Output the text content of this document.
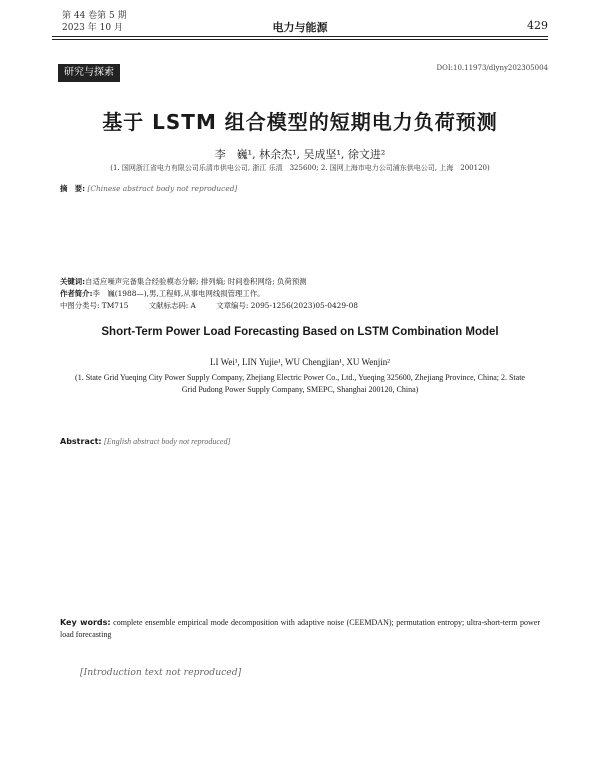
第 44 卷第 5 期
2023 年 10 月	电力与能源	429
研究与探索	DOI:10.11973/dlyny202305004
基于 LSTM 组合模型的短期电力负荷预测
李　巍¹, 林余杰¹, 吴成坚¹, 徐文进²
(1. 国网浙江省电力有限公司乐清市供电公司, 浙江 乐清　325600; 2. 国网上海市电力公司浦东供电公司, 上海　200120)
摘　要: [Chinese abstract body not reproduced]
关键词:自适应噪声完备集合经验模态分解; 排列熵; 时间卷积网络; 负荷预测
作者简介:李　巍(1988—),男,工程师,从事电网线损管理工作。
中图分类号: TM715	文献标志码: A	文章编号: 2095-1256(2023)05-0429-08
Short-Term Power Load Forecasting Based on LSTM Combination Model
LI Wei¹, LIN Yujie¹, WU Chengjian¹, XU Wenjin²
(1. State Grid Yueqing City Power Supply Company, Zhejiang Electric Power Co., Ltd., Yueqing 325600, Zhejiang Province, China; 2. State Grid Pudong Power Supply Company, SMEPC, Shanghai 200120, China)
Abstract: [English abstract body not reproduced]
Key words: complete ensemble empirical mode decomposition with adaptive noise (CEEMDAN); permutation entropy; ultra-short-term power load forecasting
[Introduction text not reproduced]
